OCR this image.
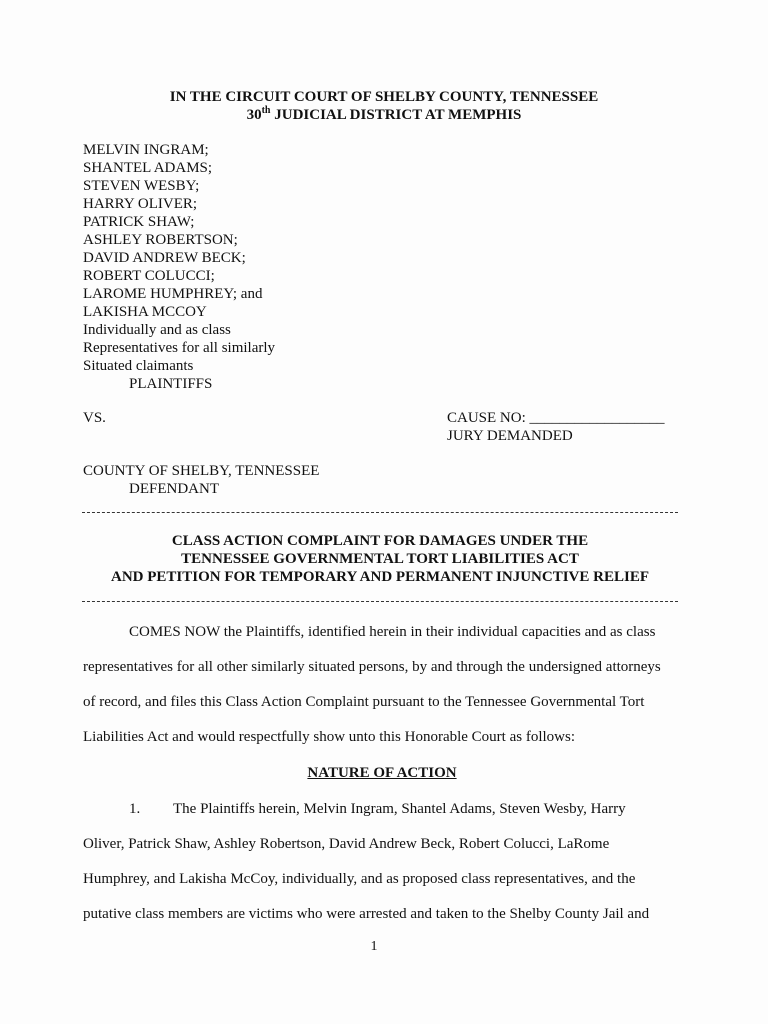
IN THE CIRCUIT COURT OF SHELBY COUNTY, TENNESSEE
30th JUDICIAL DISTRICT AT MEMPHIS
MELVIN INGRAM;
SHANTEL ADAMS;
STEVEN WESBY;
HARRY OLIVER;
PATRICK SHAW;
ASHLEY ROBERTSON;
DAVID ANDREW BECK;
ROBERT COLUCCI;
LAROME HUMPHREY; and
LAKISHA MCCOY
Individually and as class
Representatives for all similarly
Situated claimants
PLAINTIFFS
VS.	CAUSE NO: __________________
JURY DEMANDED
COUNTY OF SHELBY, TENNESSEE
DEFENDANT
CLASS ACTION COMPLAINT FOR DAMAGES UNDER THE
TENNESSEE GOVERNMENTAL TORT LIABILITIES ACT
AND PETITION FOR TEMPORARY AND PERMANENT INJUNCTIVE RELIEF
COMES NOW the Plaintiffs, identified herein in their individual capacities and as class
representatives for all other similarly situated persons, by and through the undersigned attorneys
of record, and files this Class Action Complaint pursuant to the Tennessee Governmental Tort
Liabilities Act and would respectfully show unto this Honorable Court as follows:
NATURE OF ACTION
1. The Plaintiffs herein, Melvin Ingram, Shantel Adams, Steven Wesby, Harry
Oliver, Patrick Shaw, Ashley Robertson, David Andrew Beck, Robert Colucci, LaRome
Humphrey, and Lakisha McCoy, individually, and as proposed class representatives, and the
putative class members are victims who were arrested and taken to the Shelby County Jail and
1
